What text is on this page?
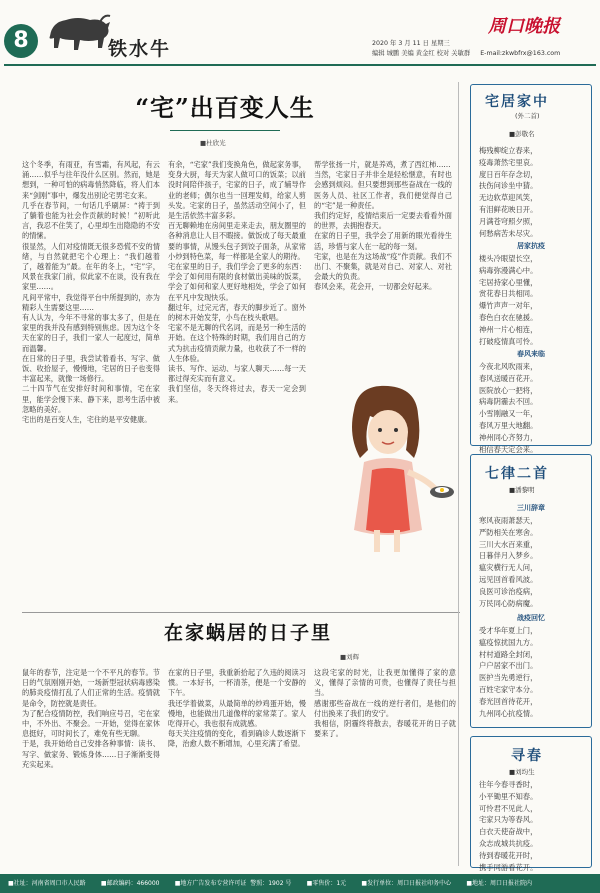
8	铁水牛
周口晚报
2020 年 3 月 11 日 星期三
编辑 城鹏 美编 黄金红 校对 关敏群 E-mail:zkwbfrx@163.com
“宅”出百变人生
■杜欣光
这个冬季，有雨亚，有雪霜，有风起，有云涌……似乎与往年没什么区别。然而，她是想到，一种可怕的病毒悄然降临，将人们本来“剑刚”事中，爆发出别论宅男宅女来。
几乎在春节间，一句话几乎刷屏：“祷于到了躺着也能为社会作贡献的时候！”初听此言，我忍不住笑了，心里却生出隐隐的不安的情愫。
很显然，人们对疫情既无很多恐慌不安的情绪，与自然就把宅个心理上：“我们越着了，越着能为”最。在年的冬上，“宅”字，风景在我家门前，似此家不在谈，没有我在家里……。
凡间平常中，我觉得平台中所提到的，亦为精彩人生需要这里……
有人认为，今年不寻常的事太多了，但是在家里的我并没有感到特别焦虑。因为这个冬天在家的日子，我们一家人一起度过，简单而温馨。
在日常的日子里，我尝试着看书、写字、做饭、收拾屋子，慢慢地，宅居的日子也变得丰富起来，就像一场修行。
二十四节气在安排好时间和事情，宅在家里，能学会慢下来、静下来，思考生活中被忽略的美好。
宅出的是百变人生，宅住的是平安健康。
有余，“宅家”我们变换角色，做起家务事，变身大厨，每天为家人做可口的饭菜；以前没时间陪伴孩子，宅家的日子，成了辅导作业的老师；偶尔也当一回理发师，给家人剪头发。宅家的日子，虽然活动空间小了，但是生活依然丰富多彩。
百无聊赖地在房间里走来走去，朋友圈里的各种消息让人目不暇接。做饭成了每天最重要的事情，从馒头包子到饺子面条，从家常小炒到特色菜，每一样都是全家人的期待。
宅在家里的日子，我们学会了更多的东西：学会了如何用有限的食材做出美味的饭菜，学会了如何和家人更好地相处，学会了如何在平凡中发现快乐。
翻过年，过完元宵，春天的脚步近了。窗外的树木开始发芽，小鸟在枝头歌唱。
宅家不是无聊的代名词，而是另一种生活的开始。在这个特殊的时期，我们用自己的方式为抗击疫情贡献力量，也收获了不一样的人生体验。
读书、写作、运动、与家人聊天……每一天都过得充实而有意义。
我们坚信，冬天终将过去，春天一定会到来。
帮学张扬一片，就是养鸡，煮了西红柿……
当然，宅家日子并非全是轻松惬意，有时也会感到烦闷。但只要想到那些奋战在一线的医务人员、社区工作者，我们便觉得自己的“宅”是一种责任。
我们约定好，疫情结束后一定要去看看外面的世界，去拥抱春天。
在家的日子里，我学会了用新的眼光看待生活，珍惜与家人在一起的每一刻。
宅家，也是在为这场战“疫”作贡献。我们不出门、不聚集，就是对自己、对家人、对社会最大的负责。
春风会来，花会开，一切都会好起来。
在家蜗居的日子里
■刘辉
鼠年的春节，注定是一个不平凡的春节。节日的气氛刚刚开始，一场新型冠状病毒感染的肺炎疫情打乱了人们正常的生活。疫情就是命令，防控就是责任。
为了配合疫情防控，我们响应号召，宅在家中，不外出、不聚会。一开始，觉得在家休息挺好，可时间长了，难免有些无聊。
于是，我开始给自己安排各种事情：读书、写字、做家务、锻炼身体……日子渐渐变得充实起来。
在家的日子里，我重新拾起了久违的阅读习惯。一本好书，一杯清茶，便是一个安静的下午。
我还学着做菜，从最简单的炒鸡蛋开始，慢慢地，也能做出几道像样的家常菜了。家人吃得开心，我也很有成就感。
每天关注疫情的变化，看到确诊人数逐渐下降，治愈人数不断增加，心里充满了希望。
这段宅家的时光，让我更加懂得了家的意义，懂得了亲情的可贵，也懂得了责任与担当。
感谢那些奋战在一线的逆行者们，是他们的付出换来了我们的安宁。
我相信，阴霾终将散去，春暖花开的日子就要来了。
宅居家中
(外二首)
■彭敬名
梅残柳绽立春来，
疫毒萧然宅里哀。
度日百年存念切，
扶伤问诊坐中猜。
无边软草迎风笑，
有泪鲜花映日开。
月满苍穹照夕照，
何愁病苦未尽灾。
居家抗疫
楼头冷眼望长空，
病毒弥漫满心中。
宅居持家心里懂，
赏花春日共相同。
爆竹声声一对年，
春色白衣在驰援。
神州一片心相连，
打破疫情真可怜。
春风来临
今夜北风吹雨来，
春风送暖百花开。
医院放心一把将，
病毒阴霾去不回。
小雪刚融又一年，
春风万里大地翻。
神州同心齐努力，
相信春天定会来。
七律二首
■潘黎明
三川辞章
寒风夜雨萧瑟天，
严防相关在寒舍。
三川大水百来重，
日暮伴月入梦乡。
瘟灾横行无人问，
远见回首看风波。
良医可诊治疫病，
万民同心防病魔。
战疫回忆
受才华年夏上门，
瘟疫惊扰国九方。
村村道路全封闭，
户户居家不出门。
医护当先勇逆行，
百姓宅家守本分。
春光回首待花开，
九州同心抗疫情。
寻春
■刘均生
往年今春寻香时，
小平锄里不知春。
可怜君不见此人，
宅家只为等春风。
白衣天使奋战中，
众志成城共抗疫。
待到春暖花开时，
携手同游看花开。
■社址：河南省周口市人民路        ■邮政编码：466000        ■地方广告发布专营许可证  警照：1902 号        ■零售价：1元        ■发行单位：周口日报社印务中心        ■地址：周口日报社院内
